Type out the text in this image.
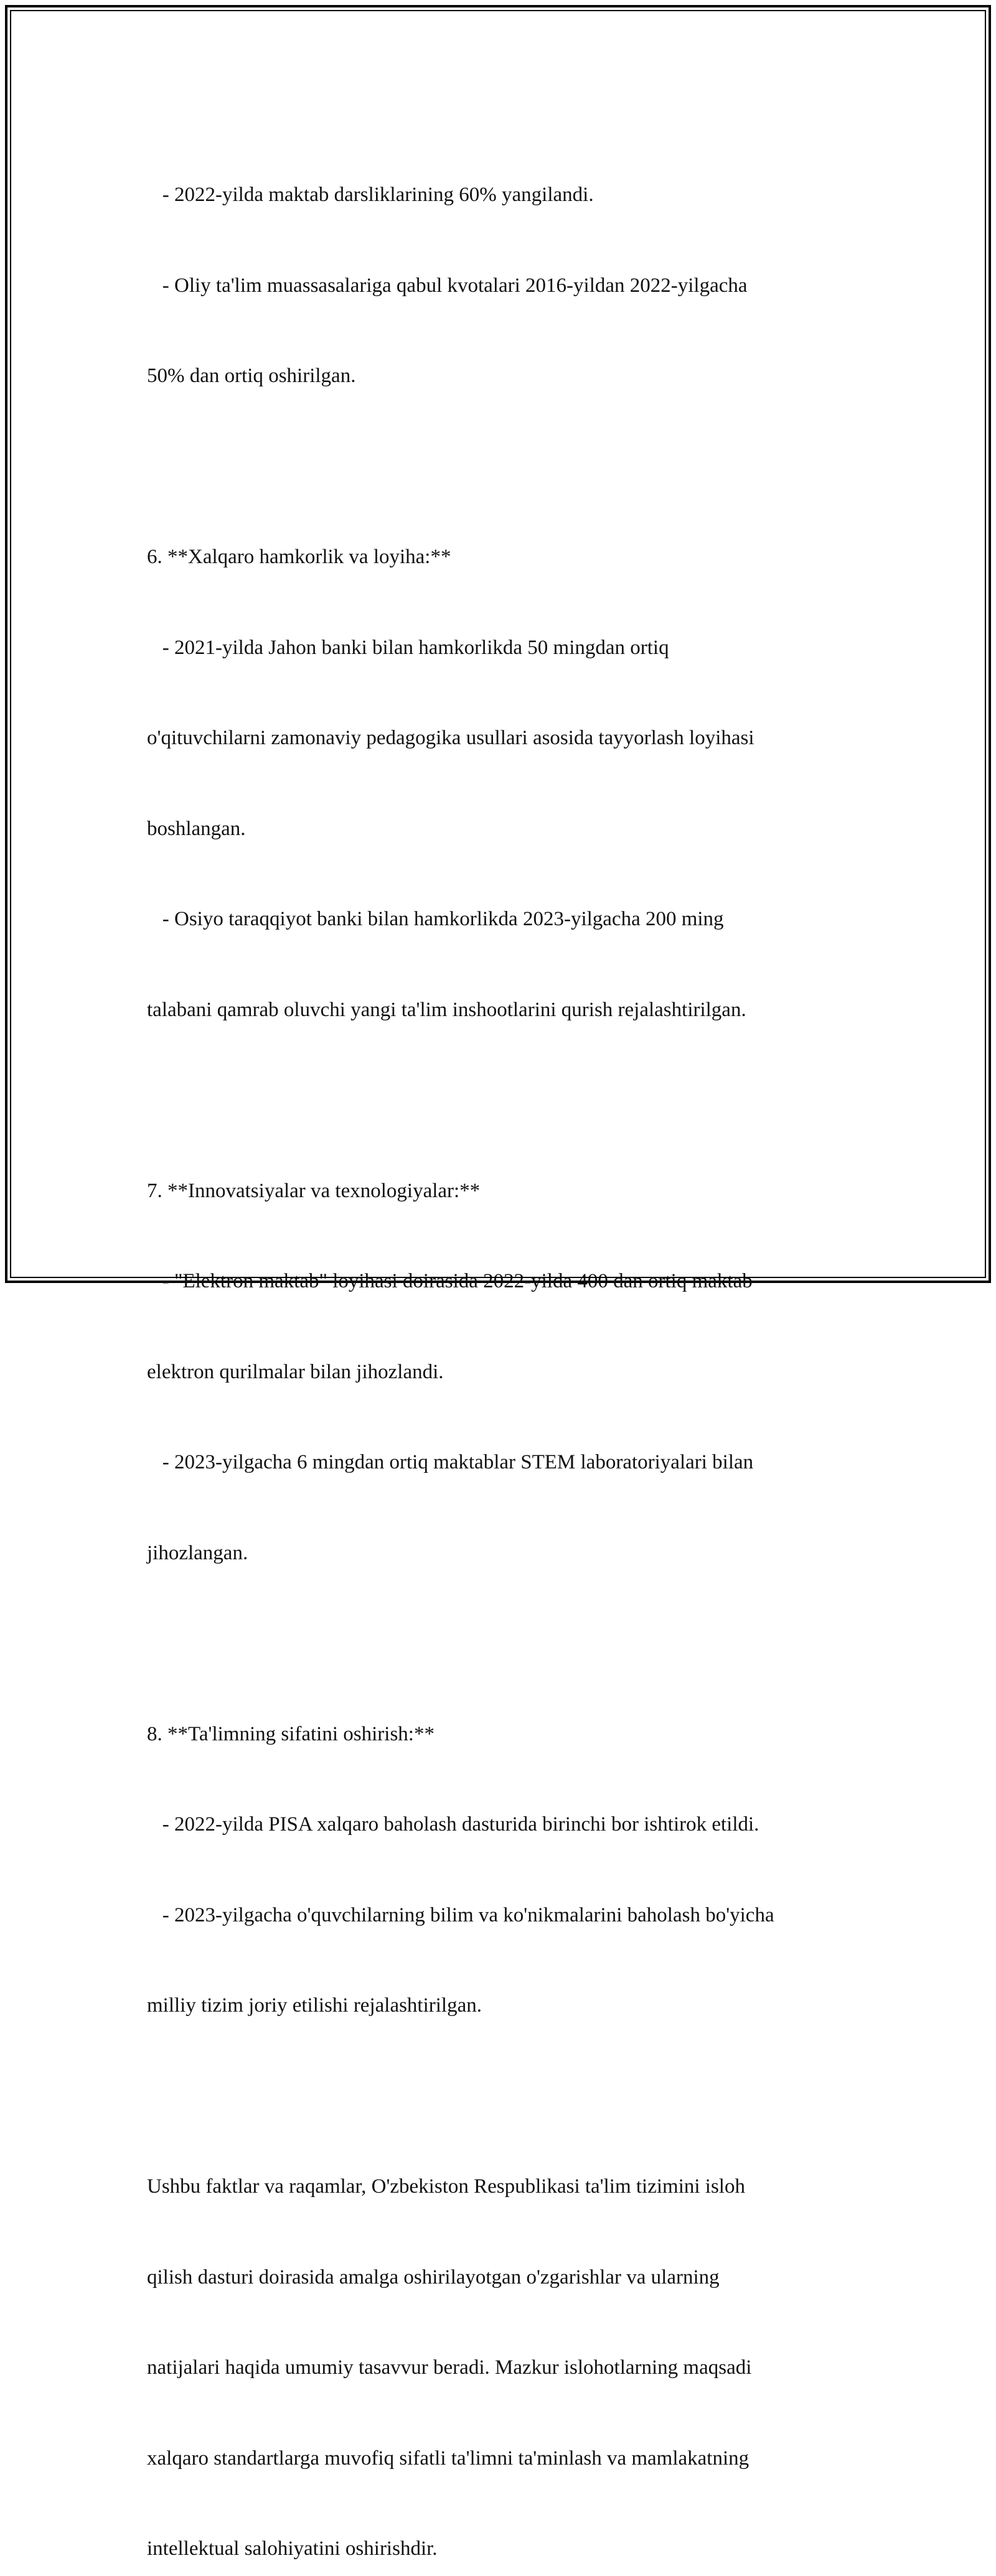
- 2022-yilda maktab darsliklarining 60% yangilandi.

- Oliy ta'lim muassasalariga qabul kvotalari 2016-yildan 2022-yilgacha

50% dan ortiq oshirilgan.

6. **Xalqaro hamkorlik va loyiha:**

- 2021-yilda Jahon banki bilan hamkorlikda 50 mingdan ortiq

o'qituvchilarni zamonaviy pedagogika usullari asosida tayyorlash loyihasi

boshlangan.

- Osiyo taraqqiyot banki bilan hamkorlikda 2023-yilgacha 200 ming

talabani qamrab oluvchi yangi ta'lim inshootlarini qurish rejalashtirilgan.

7. **Innovatsiyalar va texnologiyalar:**

- "Elektron maktab" loyihasi doirasida 2022-yilda 400 dan ortiq maktab

elektron qurilmalar bilan jihozlandi.

- 2023-yilgacha 6 mingdan ortiq maktablar STEM laboratoriyalari bilan

jihozlangan.

8. **Ta'limning sifatini oshirish:**

- 2022-yilda PISA xalqaro baholash dasturida birinchi bor ishtirok etildi.

- 2023-yilgacha o'quvchilarning bilim va ko'nikmalarini baholash bo'yicha

milliy tizim joriy etilishi rejalashtirilgan.

Ushbu faktlar va raqamlar, O'zbekiston Respublikasi ta'lim tizimini isloh

qilish dasturi doirasida amalga oshirilayotgan o'zgarishlar va ularning

natijalari haqida umumiy tasavvur beradi. Mazkur islohotlarning maqsadi

xalqaro standartlarga muvofiq sifatli ta'limni ta'minlash va mamlakatning

intellektual salohiyatini oshirishdir.
